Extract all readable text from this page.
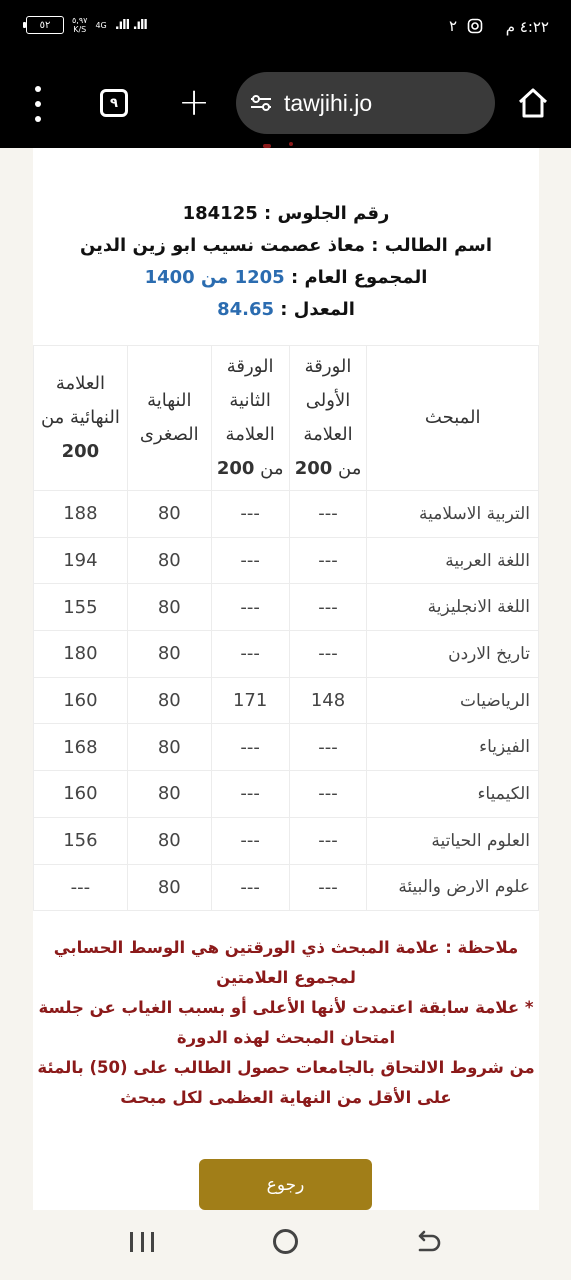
٥٢	٥,٩٧
K/S 4G .ıll .ıll	٢	٤:٢٢ م
٩ +	tawjihi.jo
رقم الجلوس : 184125
اسم الطالب : معاذ عصمت نسيب ابو زين الدين
المجموع العام : 1205 من 1400
المعدل : 84.65
المبحث	الورقة الأولى العلامة من 200	الورقة الثانية العلامة من 200	النهاية الصغرى	العلامة النهائية من
200
التربية الاسلامية	---	---	80	188
اللغة العربية	---	---	80	194
اللغة الانجليزية	---	---	80	155
تاريخ الاردن	---	---	80	180
الرياضيات	148	171	80	160
الفيزياء	---	---	80	168
الكيمياء	---	---	80	160
العلوم الحياتية	---	---	80	156
علوم الارض والبيئة	---	---	80	---
ملاحظة : علامة المبحث ذي الورقتين هي الوسط الحسابي لمجموع العلامتين
* علامة سابقة اعتمدت لأنها الأعلى أو بسبب الغياب عن جلسة امتحان المبحث لهذه الدورة
من شروط الالتحاق بالجامعات حصول الطالب على (50) بالمئة على الأقل من النهاية العظمى لكل مبحث
رجوع
